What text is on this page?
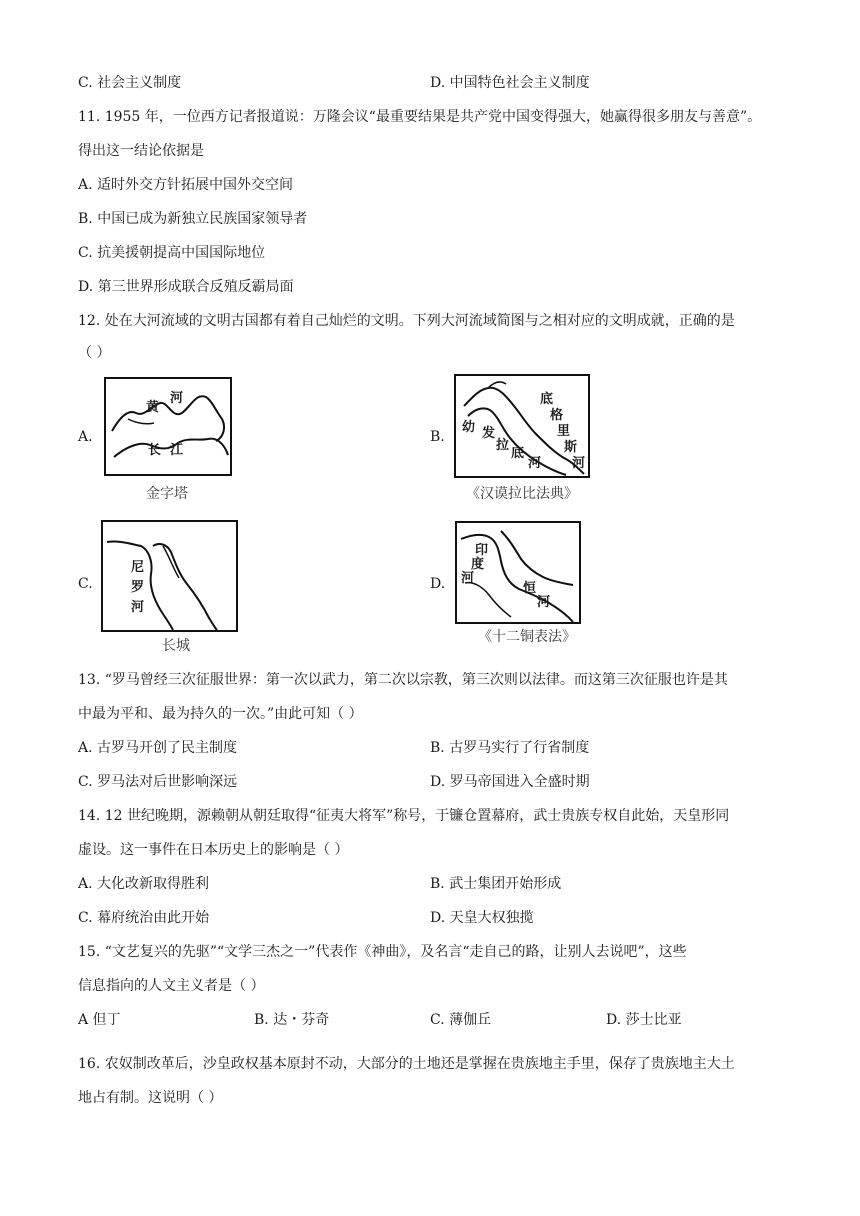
C. 社会主义制度	D. 中国特色社会主义制度
11. 1955 年，一位西方记者报道说：万隆会议“最重要结果是共产党中国变得强大，她赢得很多朋友与善意”。
得出这一结论依据是
A. 适时外交方针拓展中国外交空间
B. 中国已成为新独立民族国家领导者
C. 抗美援朝提高中国国际地位
D. 第三世界形成联合反殖反霸局面
12. 处在大河流域的文明古国都有着自己灿烂的文明。下列大河流域简图与之相对应的文明成就，正确的是
（ ）
A.
黄
河
长 江
金字塔
B.
底
格
里
斯
河
幼 发
拉
底
河
《汉谟拉比法典》
C.
尼
罗
河
长城
D.
印
度
河
恒
河
《十二铜表法》
13. “罗马曾经三次征服世界：第一次以武力，第二次以宗教，第三次则以法律。而这第三次征服也许是其
中最为平和、最为持久的一次。”由此可知（ ）
A. 古罗马开创了民主制度	B. 古罗马实行了行省制度
C. 罗马法对后世影响深远	D. 罗马帝国进入全盛时期
14. 12 世纪晚期，源赖朝从朝廷取得“征夷大将军”称号，于镰仓置幕府，武士贵族专权自此始，天皇形同
虚设。这一事件在日本历史上的影响是（ ）
A. 大化改新取得胜利	B. 武士集团开始形成
C. 幕府统治由此开始	D. 天皇大权独揽
15. “文艺复兴的先驱”“文学三杰之一”代表作《神曲》，及名言“走自己的路，让别人去说吧”，这些
信息指向的人文主义者是（ ）
A 但丁	B. 达・芬奇	C. 薄伽丘	D. 莎士比亚
16. 农奴制改革后，沙皇政权基本原封不动，大部分的土地还是掌握在贵族地主手里，保存了贵族地主大土
地占有制。这说明（ ）
